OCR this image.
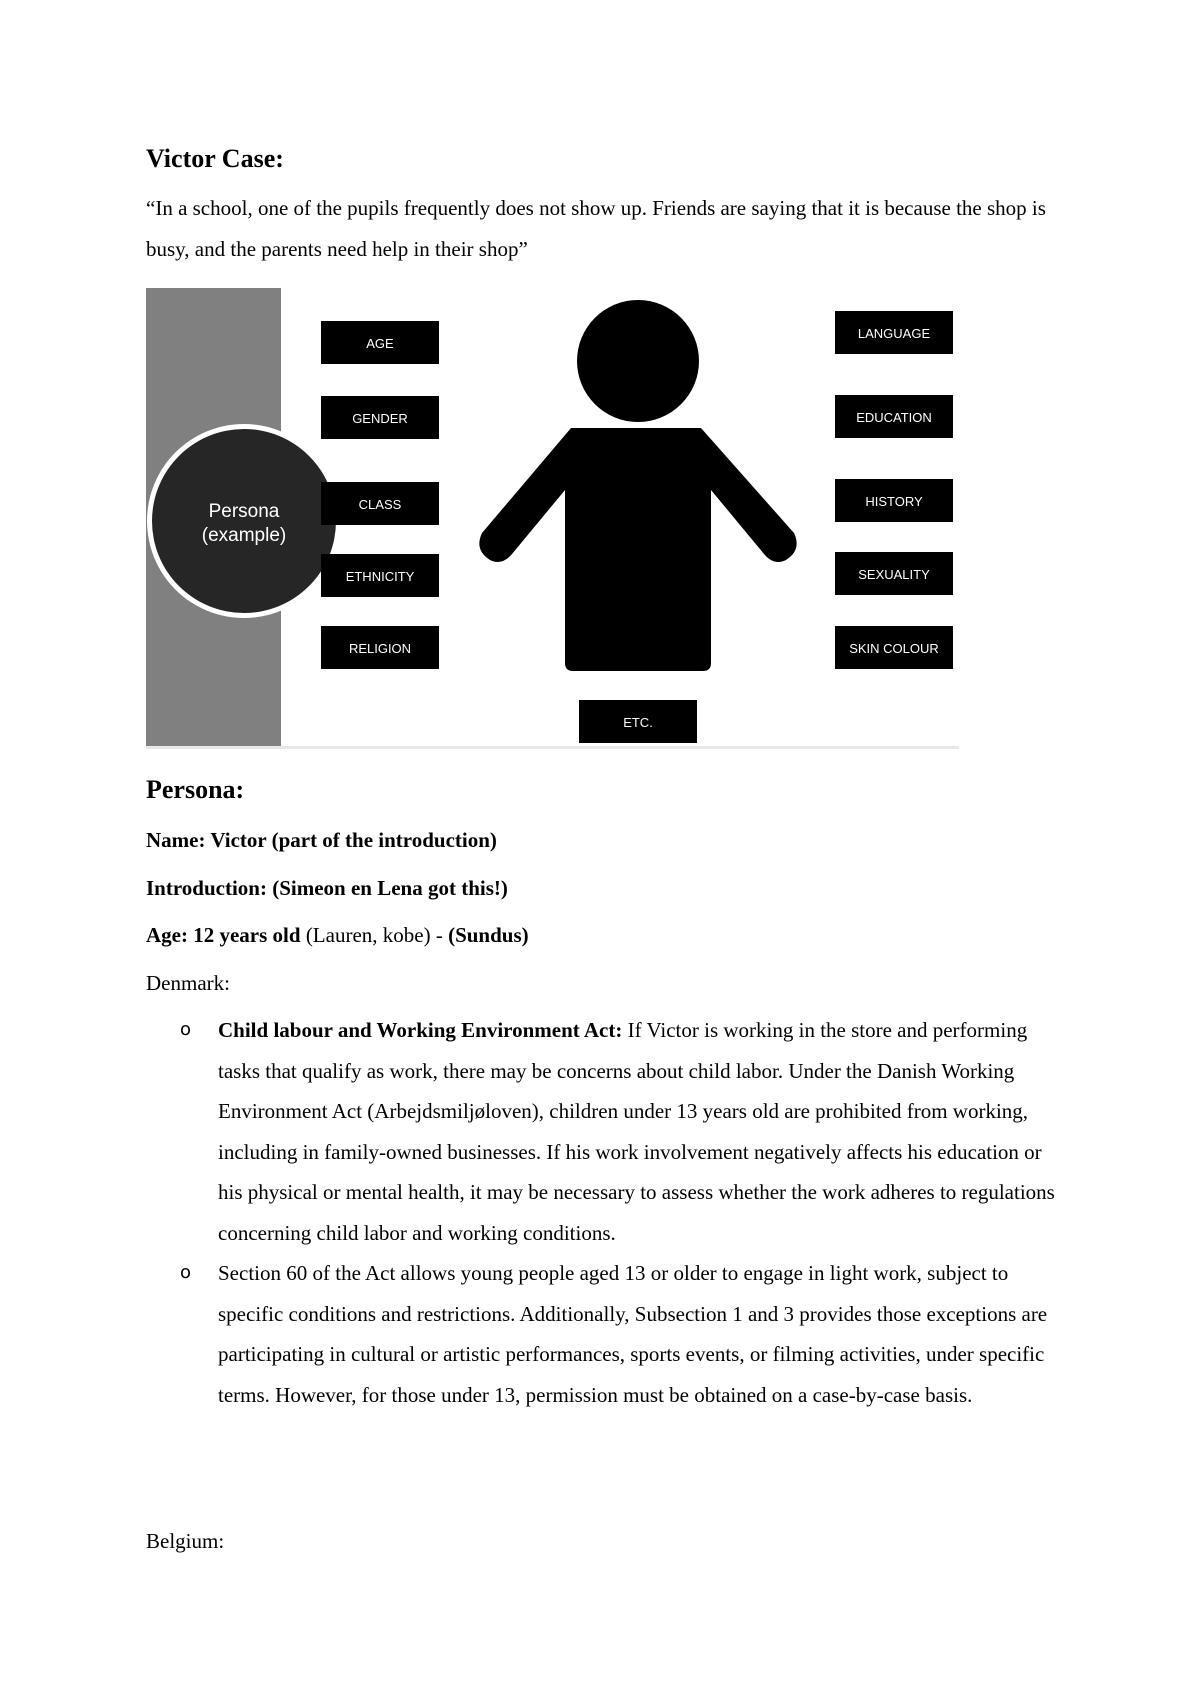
Victor Case:
“In a school, one of the pupils frequently does not show up. Friends are saying that it is because the shop is busy, and the parents need help in their shop”
Persona
(example)
AGE
GENDER
CLASS
ETHNICITY
RELIGION
LANGUAGE
EDUCATION
HISTORY
SEXUALITY
SKIN COLOUR
ETC.
Persona:
Name: Victor (part of the introduction)
Introduction: (Simeon en Lena got this!)
Age: 12 years old (Lauren, kobe) - (Sundus)
Denmark:
o Child labour and Working Environment Act: If Victor is working in the store and performing tasks that qualify as work, there may be concerns about child labor. Under the Danish Working Environment Act (Arbejdsmiljøloven), children under 13 years old are prohibited from working, including in family-owned businesses. If his work involvement negatively affects his education or his physical or mental health, it may be necessary to assess whether the work adheres to regulations concerning child labor and working conditions.
o Section 60 of the Act allows young people aged 13 or older to engage in light work, subject to specific conditions and restrictions. Additionally, Subsection 1 and 3 provides those exceptions are participating in cultural or artistic performances, sports events, or filming activities, under specific terms. However, for those under 13, permission must be obtained on a case-by-case basis.
Belgium:
